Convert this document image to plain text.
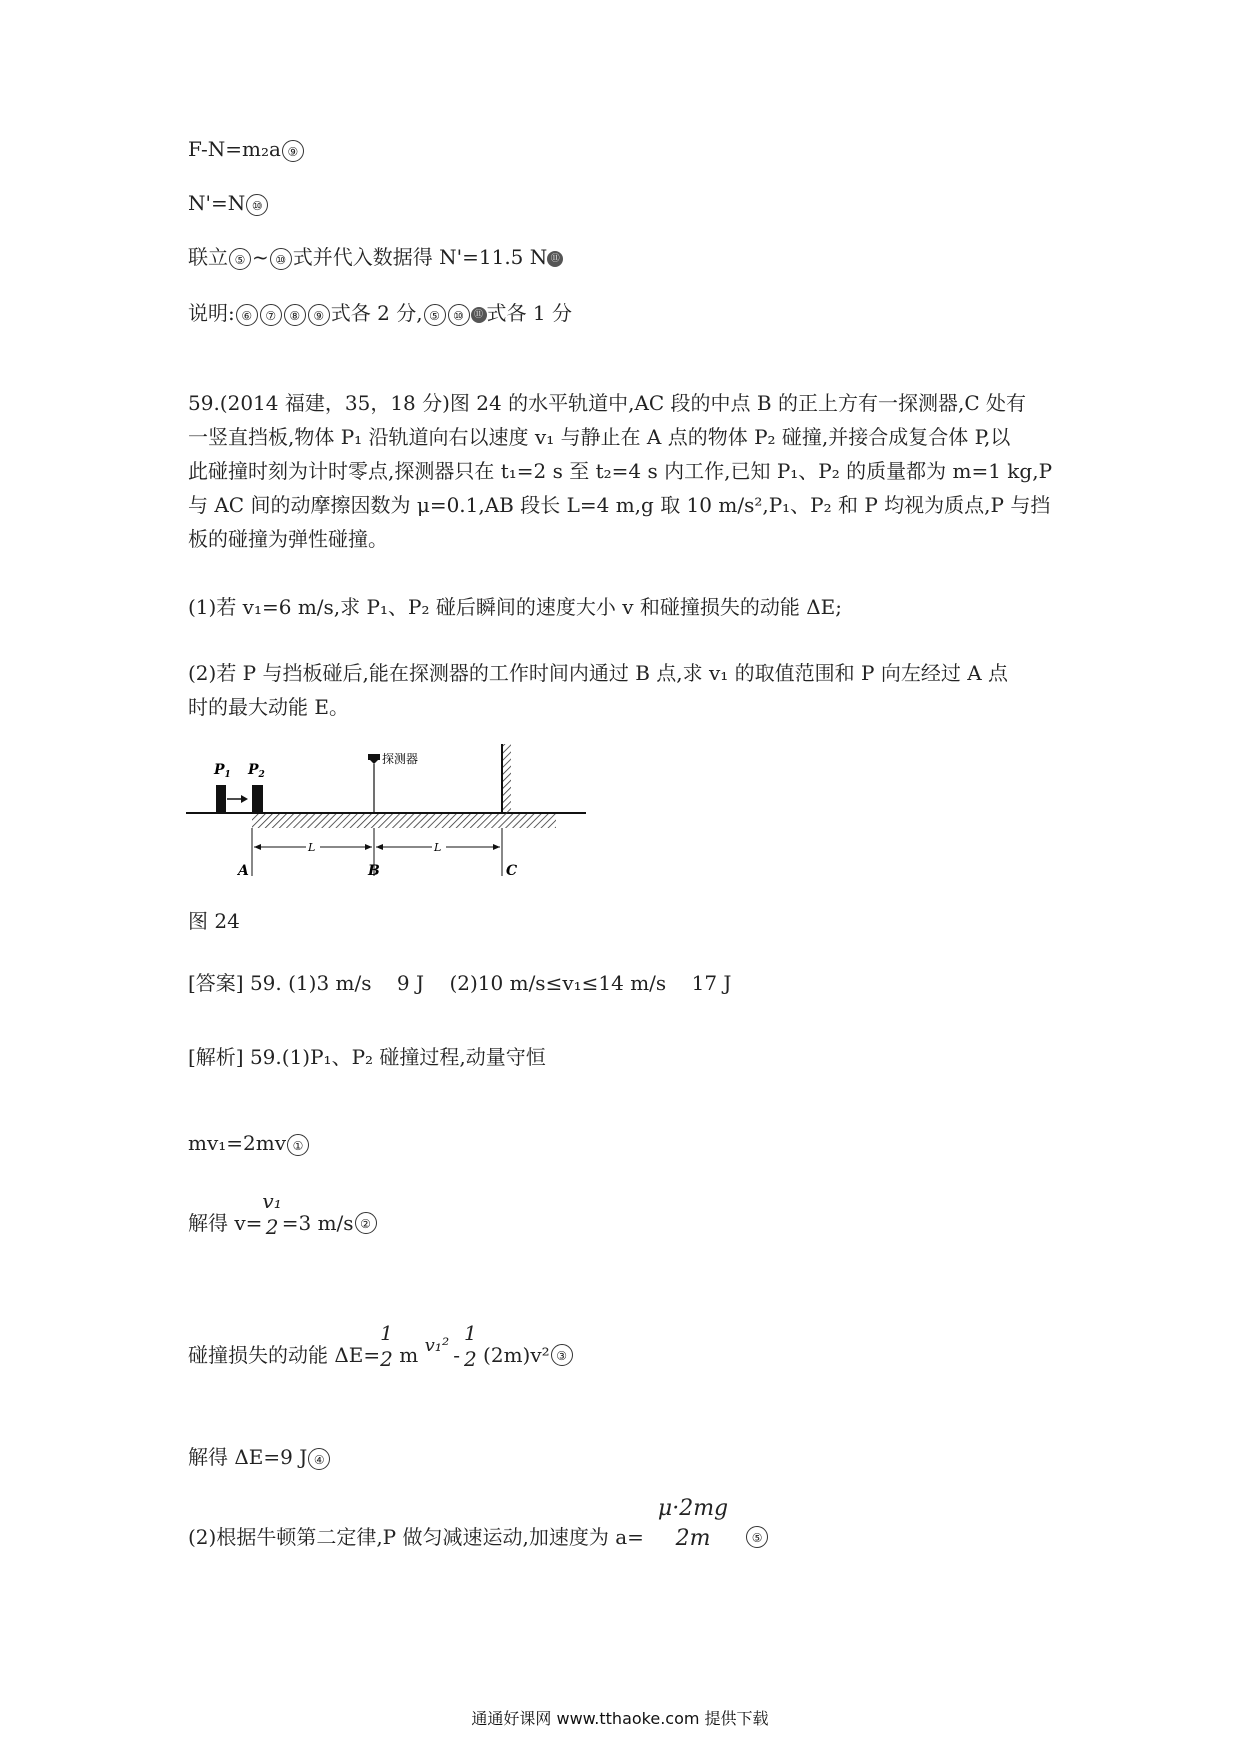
F-N=m₂a ⑨
N'=N ⑩
联立 ⑤ ~ ⑩ 式并代入数据得 N'=11.5 N ⑪
说明: ⑥ ⑦ ⑧ ⑨ 式各 2 分, ⑤ ⑩ ⑪ 式各 1 分
59.(2014 福建，35，18 分)图 24 的水平轨道中,AC 段的中点 B 的正上方有一探测器,C 处有
一竖直挡板,物体 P₁ 沿轨道向右以速度 v₁ 与静止在 A 点的物体 P₂ 碰撞,并接合成复合体 P,以
此碰撞时刻为计时零点,探测器只在 t₁=2 s 至 t₂=4 s 内工作,已知 P₁、P₂ 的质量都为 m=1 kg,P
与 AC 间的动摩擦因数为 μ=0.1,AB 段长 L=4 m,g 取 10 m/s²,P₁、P₂ 和 P 均视为质点,P 与挡
板的碰撞为弹性碰撞。
(1)若 v₁=6 m/s,求 P₁、P₂ 碰后瞬间的速度大小 v 和碰撞损失的动能 ΔE;
(2)若 P 与挡板碰后,能在探测器的工作时间内通过 B 点,求 v₁ 的取值范围和 P 向左经过 A 点
时的最大动能 E。
$P_1$ $P_2$
探测器
L	L
A	B	C
图 24
[答案] 59. (1)3 m/s    9 J    (2)10 m/s≤v₁≤14 m/s    17 J
[解析] 59.(1)P₁、P₂ 碰撞过程,动量守恒
mv₁=2mv ①
解得 v=
v₁
2 =3 m/s ②
碰撞损失的动能 ΔE=
1
2 m v₁² -
1
2 (2m)v² ③
解得 ΔE=9 J ④
(2)根据牛顿第二定律,P 做匀减速运动,加速度为 a=
μ·2mg
2m	⑤
通通好课网 www.tthaoke.com 提供下载
